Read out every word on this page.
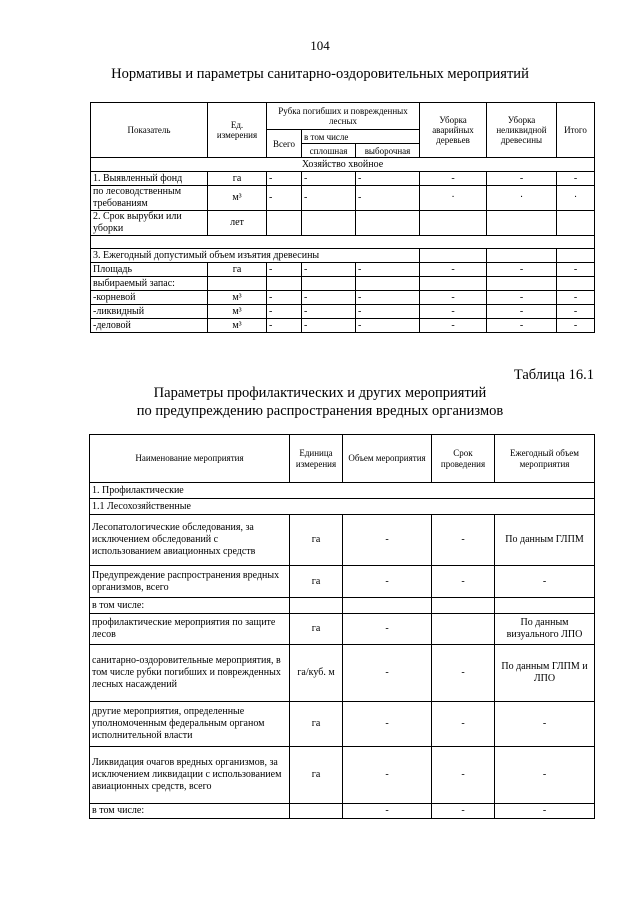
104
Нормативы и параметры санитарно-оздоровительных мероприятий
Показатель	Ед. измерения	Рубка погибших и поврежденных лесных			Уборка аварийных деревьев	Уборка неликвидной древесины	Итого
		Всего	в том числе				
			сплошная	выборочная			
Хозяйство хвойное							
1. Выявленный фонд	га	-	-	-	-	-	-
по лесоводственным требованиям	м³	-	-	-	·	·	·
2. Срок вырубки или уборки	лет						

3. Ежегодный допустимый объем изъятия древесины							
Площадь	га	-	-	-	-	-	-
выбираемый запас:							
-корневой	м³	-	-	-	-	-	-
-ликвидный	м³	-	-	-	-	-	-
-деловой	м³	-	-	-	-	-	-
Таблица 16.1
Параметры профилактических и других мероприятий
по предупреждению распространения вредных организмов
Наименование мероприятия	Единица измерения	Объем мероприятия	Срок проведения	Ежегодный объем мероприятия
1. Профилактические				
1.1 Лесохозяйственные				
Лесопатологические обследования, за исключением обследований с использованием авиационных средств	га	-	-	По данным ГЛПМ
Предупреждение распространения вредных организмов, всего	га	-	-	-
в том числе:				
профилактические мероприятия по защите лесов	га	-		По данным визуального ЛПО
санитарно-оздоровительные мероприятия, в том числе рубки погибших и поврежденных лесных насаждений	га/куб. м	-	-	По данным ГЛПМ и ЛПО
другие мероприятия, определенные уполномоченным федеральным органом исполнительной власти	га	-	-	-
Ликвидация очагов вредных организмов, за исключением ликвидации с использованием авиационных средств, всего	га	-	-	-
в том числе:		-	-	-
